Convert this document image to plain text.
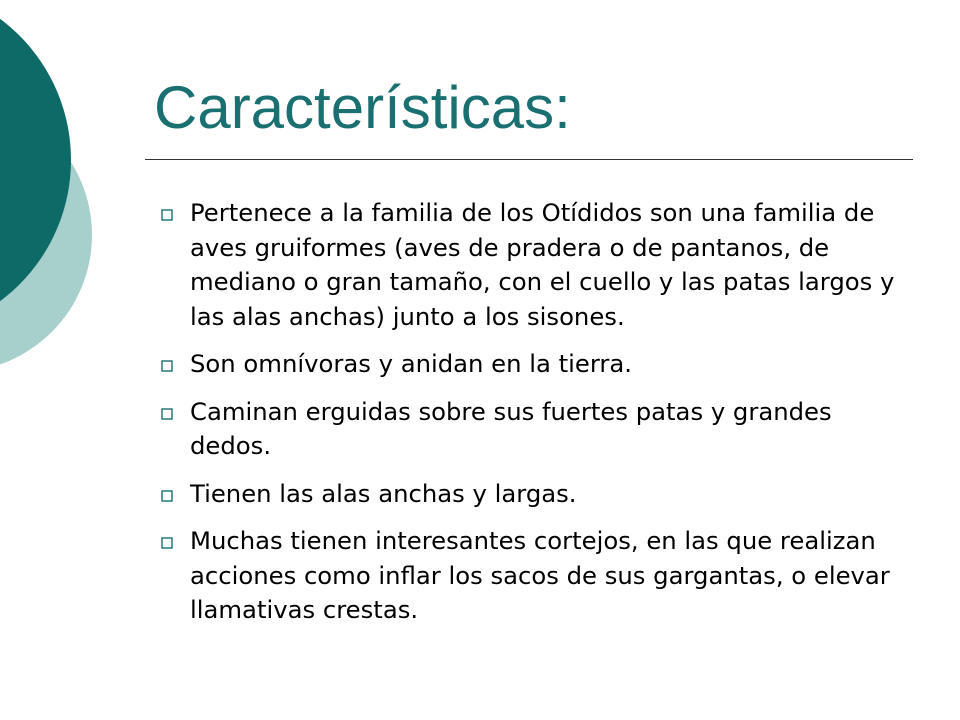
Características:
Pertenece a la familia de los Otídidos son una familia de aves gruiformes (aves de pradera o de pantanos, de mediano o gran tamaño, con el cuello y las patas largos y las alas anchas) junto a los sisones.
Son omnívoras y anidan en la tierra.
Caminan erguidas sobre sus fuertes patas y grandes dedos.
Tienen las alas anchas y largas.
Muchas tienen interesantes cortejos, en las que realizan acciones como inflar los sacos de sus gargantas, o elevar llamativas crestas.
